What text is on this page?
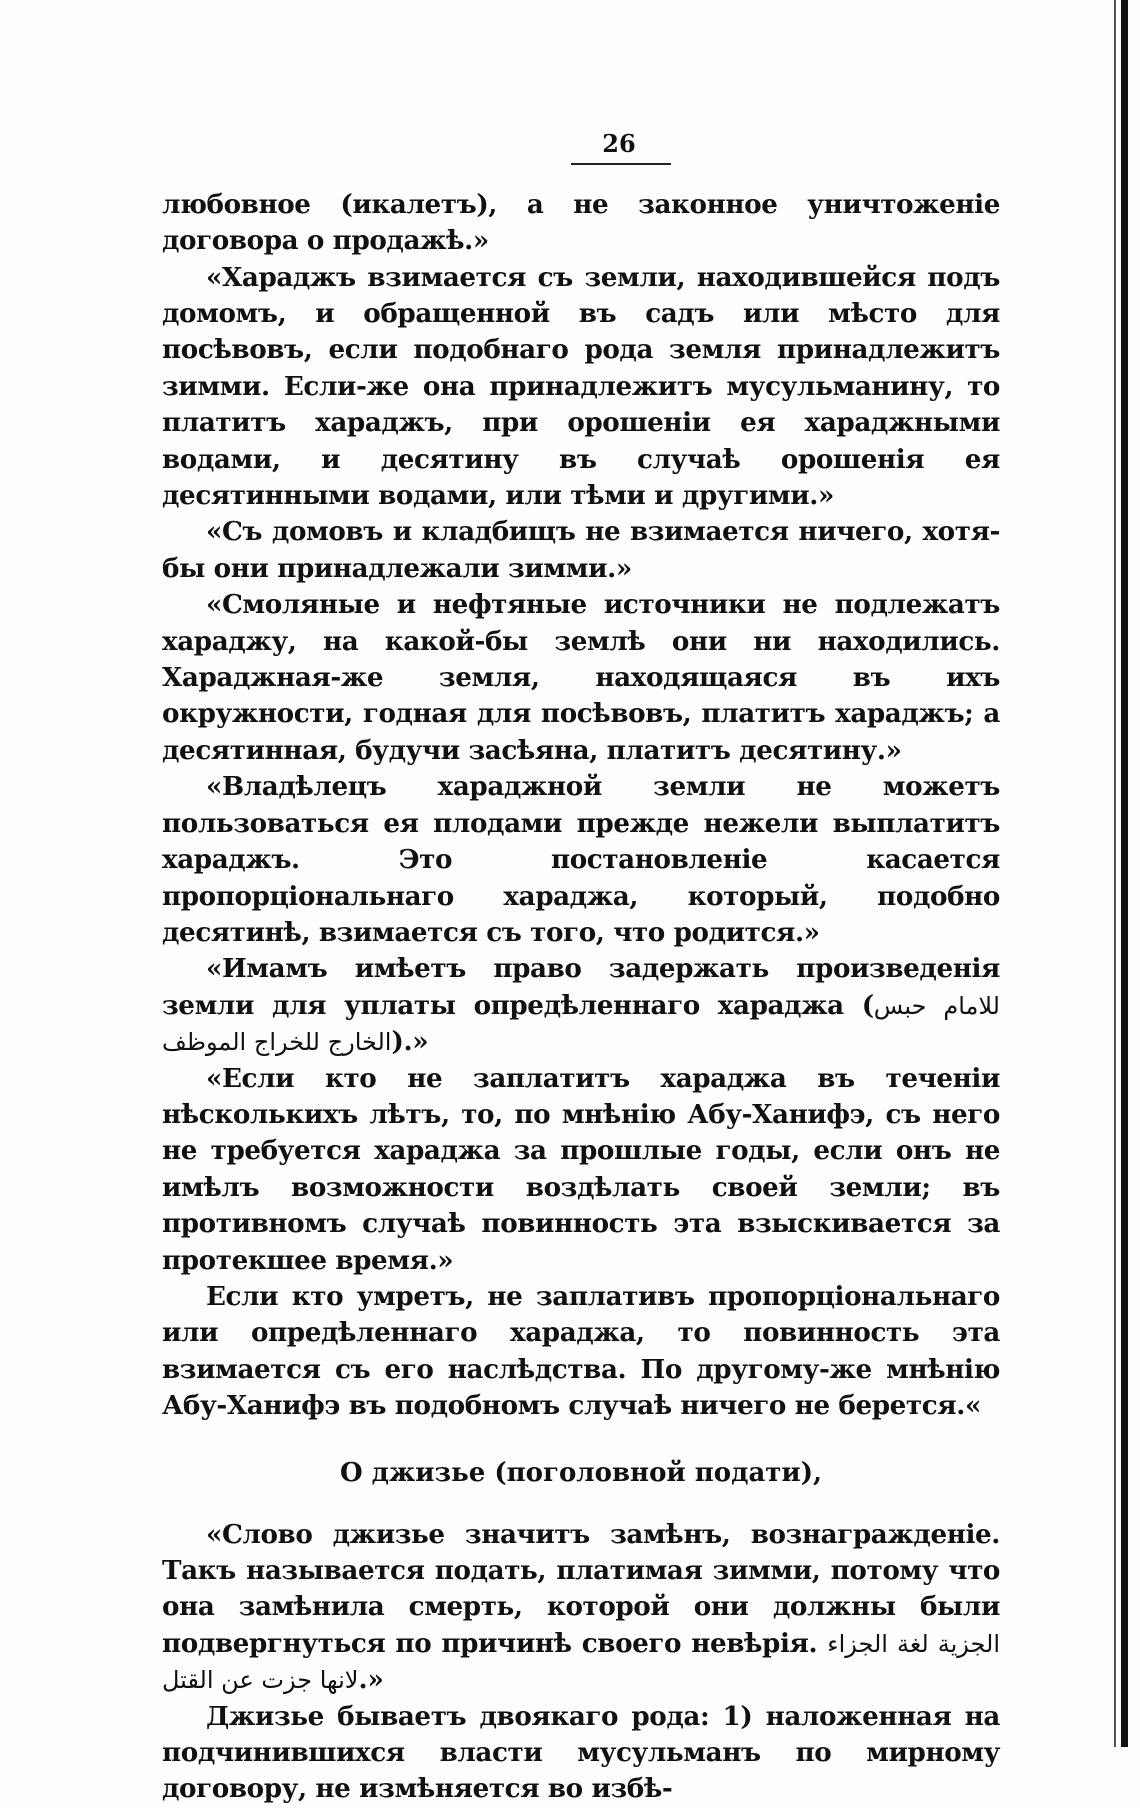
26

любовное (икалетъ), а не законное уничтоженіе договора о продажѣ.»

«Хараджъ взимается съ земли, находившейся подъ домомъ, и обращенной въ садъ или мѣсто для посѣвовъ, если подобнаго рода земля принадлежитъ зимми. Если-же она принадлежитъ мусульманину, то платитъ хараджъ, при орошеніи ея хараджными водами, и десятину въ случаѣ орошенія ея десятинными водами, или тѣми и другими.»

«Съ домовъ и кладбищъ не взимается ничего, хотя-бы они принадлежали зимми.»

«Смоляные и нефтяные источники не подлежатъ хараджу, на какой-бы землѣ они ни находились. Хараджная-же земля, находящаяся въ ихъ окружности, годная для посѣвовъ, платитъ хараджъ; а десятинная, будучи засѣяна, платитъ десятину.»

«Владѣлецъ хараджной земли не можетъ пользоваться ея плодами прежде нежели выплатитъ хараджъ. Это постановленіе касается пропорціональнаго хараджа, который, подобно десятинѣ, взимается съ того, что родится.»

«Имамъ имѣетъ право задержать произведенія земли для уплаты опредѣленнаго хараджа (للامام حبس الخارج للخراج الموظف).»

«Если кто не заплатитъ хараджа въ теченіи нѣсколькихъ лѣтъ, то, по мнѣнію Абу-Ханифэ, съ него не требуется хараджа за прошлые годы, если онъ не имѣлъ возможности воздѣлать своей земли; въ противномъ случаѣ повинность эта взыскивается за протекшее время.»

Если кто умретъ, не заплативъ пропорціональнаго или опредѣленнаго хараджа, то повинность эта взимается съ его наслѣдства. По другому-же мнѣнію Абу-Ханифэ въ подобномъ случаѣ ничего не берется.«

О джизье (поголовной подати),

«Слово джизье значитъ замѣнъ, вознагражденіе. Такъ называется подать, платимая зимми, потому что она замѣнила смерть, которой они должны были подвергнуться по причинѣ своего невѣрія. الجزية لغة الجزاء لانها جزت عن القتل.»

Джизье бываетъ двоякаго рода: 1) наложенная на подчинившихся власти мусульманъ по мирному договору, не измѣняется во избѣ-
